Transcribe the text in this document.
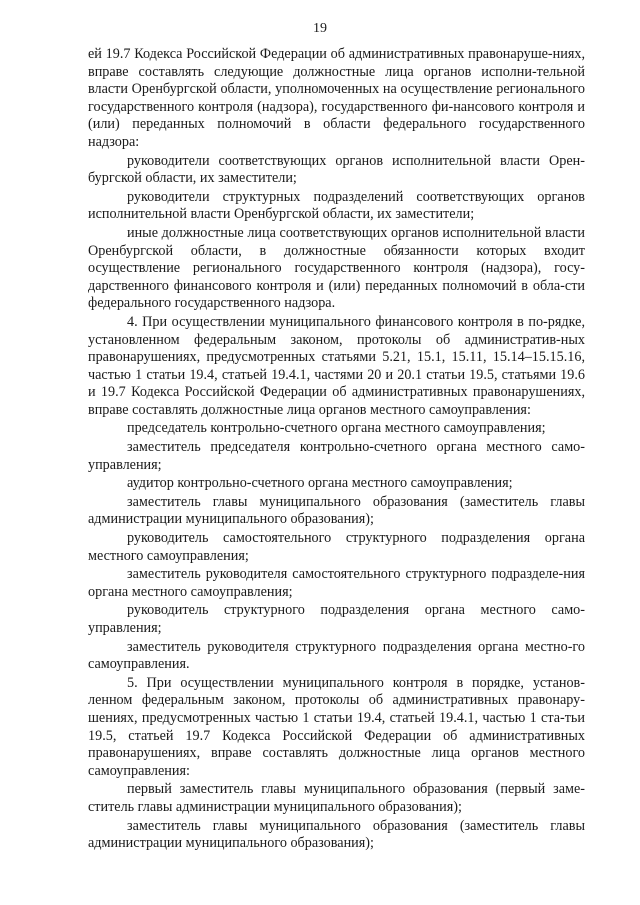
19

ей 19.7 Кодекса Российской Федерации об административных правонаруше-ниях, вправе составлять следующие должностные лица органов исполни-тельной власти Оренбургской области, уполномоченных на осуществление регионального государственного контроля (надзора), государственного фи-нансового контроля и (или) переданных полномочий в области федерального государственного надзора:

руководители соответствующих органов исполнительной власти Орен-бургской области, их заместители;

руководители структурных подразделений соответствующих органов исполнительной власти Оренбургской области, их заместители;

иные должностные лица соответствующих органов исполнительной власти Оренбургской области, в должностные обязанности которых входит осуществление регионального государственного контроля (надзора), госу-дарственного финансового контроля и (или) переданных полномочий в обла-сти федерального государственного надзора.

4. При осуществлении муниципального финансового контроля в по-рядке, установленном федеральным законом, протоколы об административ-ных правонарушениях, предусмотренных статьями 5.21, 15.1, 15.11, 15.14–15.15.16, частью 1 статьи 19.4, статьей 19.4.1, частями 20 и 20.1 статьи 19.5, статьями 19.6 и 19.7 Кодекса Российской Федерации об административных правонарушениях, вправе составлять должностные лица органов местного самоуправления:

председатель контрольно-счетного органа местного самоуправления;

заместитель председателя контрольно-счетного органа местного само-управления;

аудитор контрольно-счетного органа местного самоуправления;

заместитель главы муниципального образования (заместитель главы администрации муниципального образования);

руководитель самостоятельного структурного подразделения органа местного самоуправления;

заместитель руководителя самостоятельного структурного подразделе-ния органа местного самоуправления;

руководитель структурного подразделения органа местного само-управления;

заместитель руководителя структурного подразделения органа местно-го самоуправления.

5. При осуществлении муниципального контроля в порядке, установ-ленном федеральным законом, протоколы об административных правонару-шениях, предусмотренных частью 1 статьи 19.4, статьей 19.4.1, частью 1 ста-тьи 19.5, статьей 19.7 Кодекса Российской Федерации об административных правонарушениях, вправе составлять должностные лица органов местного самоуправления:

первый заместитель главы муниципального образования (первый заме-ститель главы администрации муниципального образования);

заместитель главы муниципального образования (заместитель главы администрации муниципального образования);
